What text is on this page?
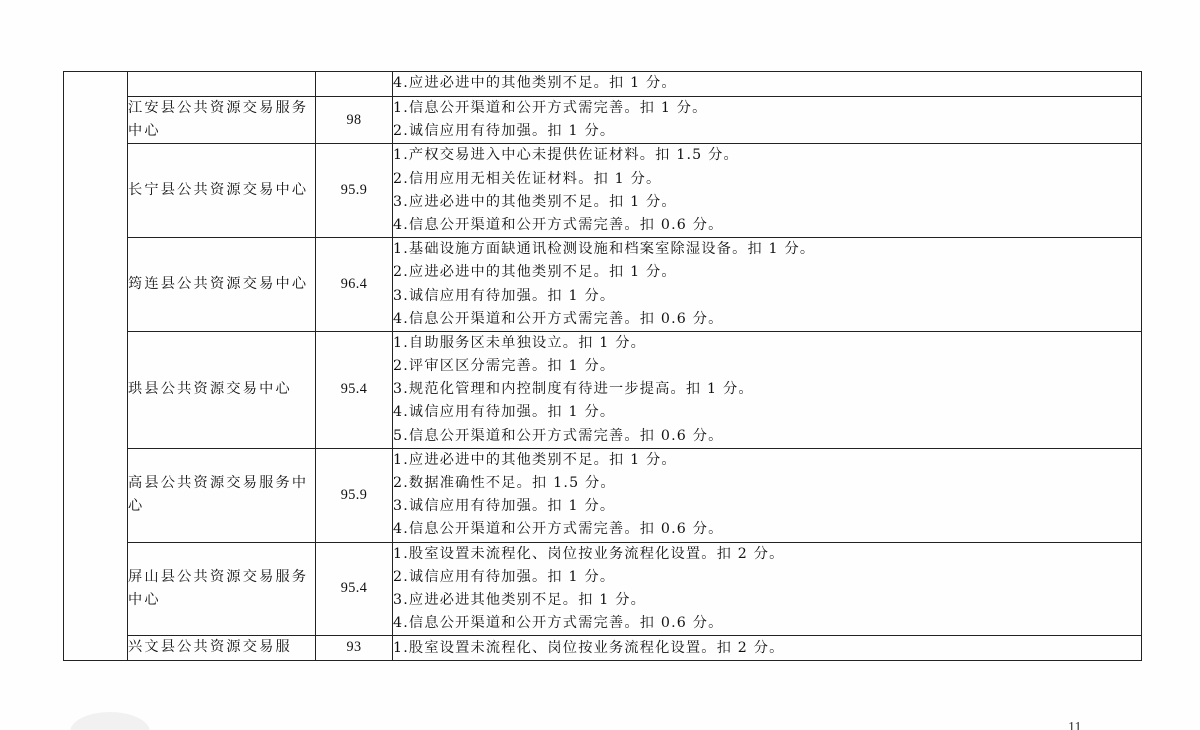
			4.应进必进中的其他类别不足。扣 1 分。

	江安县公共资源交易服务中心	98	1.信息公开渠道和公开方式需完善。扣 1 分。
2.诚信应用有待加强。扣 1 分。

	长宁县公共资源交易中心	95.9	1.产权交易进入中心未提供佐证材料。扣 1.5 分。
2.信用应用无相关佐证材料。扣 1 分。
3.应进必进中的其他类别不足。扣 1 分。
4.信息公开渠道和公开方式需完善。扣 0.6 分。

	筠连县公共资源交易中心	96.4	1.基础设施方面缺通讯检测设施和档案室除湿设备。扣 1 分。
2.应进必进中的其他类别不足。扣 1 分。
3.诚信应用有待加强。扣 1 分。
4.信息公开渠道和公开方式需完善。扣 0.6 分。

	珙县公共资源交易中心	95.4	1.自助服务区未单独设立。扣 1 分。
2.评审区区分需完善。扣 1 分。
3.规范化管理和内控制度有待进一步提高。扣 1 分。
4.诚信应用有待加强。扣 1 分。
5.信息公开渠道和公开方式需完善。扣 0.6 分。

	高县公共资源交易服务中心	95.9	1.应进必进中的其他类别不足。扣 1 分。
2.数据准确性不足。扣 1.5 分。
3.诚信应用有待加强。扣 1 分。
4.信息公开渠道和公开方式需完善。扣 0.6 分。

	屏山县公共资源交易服务中心	95.4	1.股室设置未流程化、岗位按业务流程化设置。扣 2 分。
2.诚信应用有待加强。扣 1 分。
3.应进必进其他类别不足。扣 1 分。
4.信息公开渠道和公开方式需完善。扣 0.6 分。

	兴文县公共资源交易服	93	1.股室设置未流程化、岗位按业务流程化设置。扣 2 分。
11
